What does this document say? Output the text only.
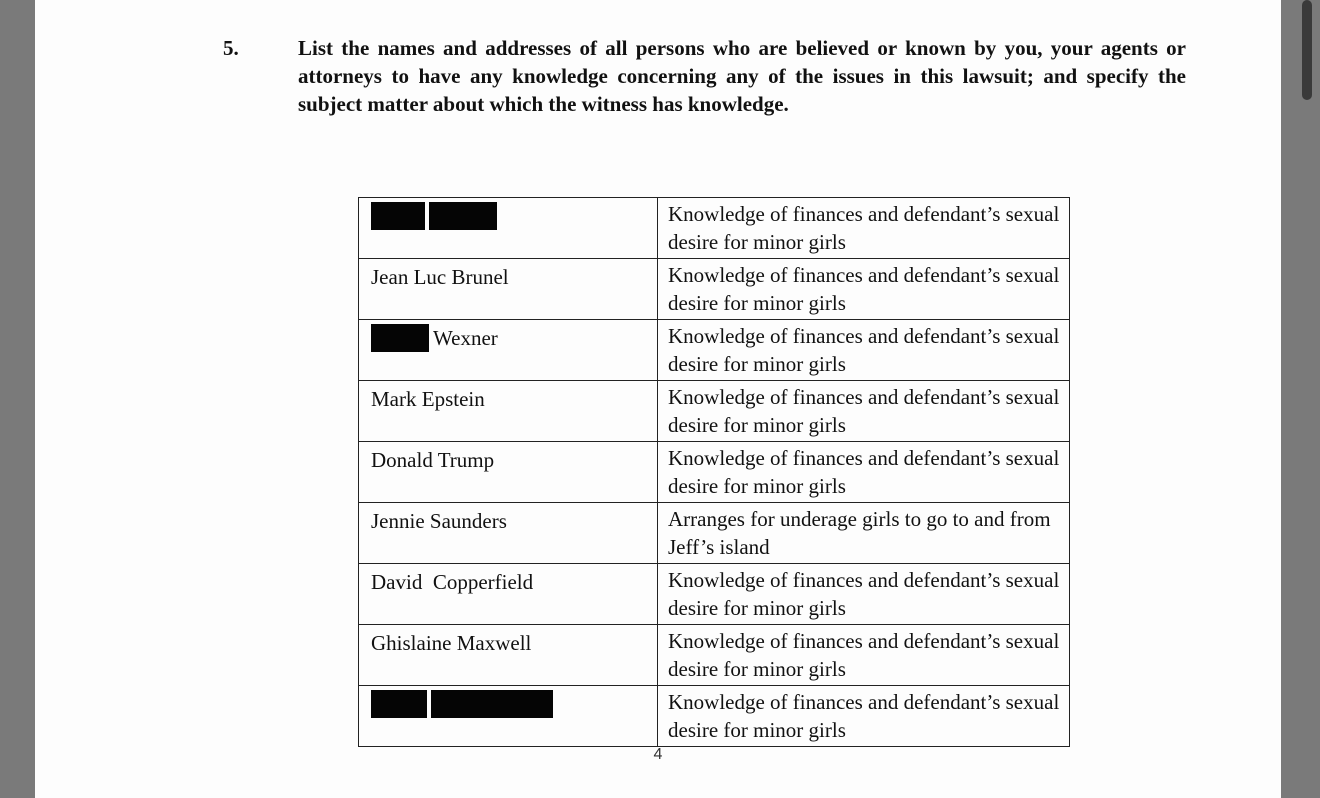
5.	List the names and addresses of all persons who are believed or known by you, your agents or attorneys to have any knowledge concerning any of the issues in this lawsuit; and specify the subject matter about which the witness has knowledge.
	Knowledge of finances and defendant’s sexual desire for minor girls
Jean Luc Brunel	Knowledge of finances and defendant’s sexual desire for minor girls
Wexner	Knowledge of finances and defendant’s sexual desire for minor girls
Mark Epstein	Knowledge of finances and defendant’s sexual desire for minor girls
Donald Trump	Knowledge of finances and defendant’s sexual desire for minor girls
Jennie Saunders	Arranges for underage girls to go to and from Jeff’s island
David  Copperfield	Knowledge of finances and defendant’s sexual desire for minor girls
Ghislaine Maxwell	Knowledge of finances and defendant’s sexual desire for minor girls
	Knowledge of finances and defendant’s sexual desire for minor girls
4
